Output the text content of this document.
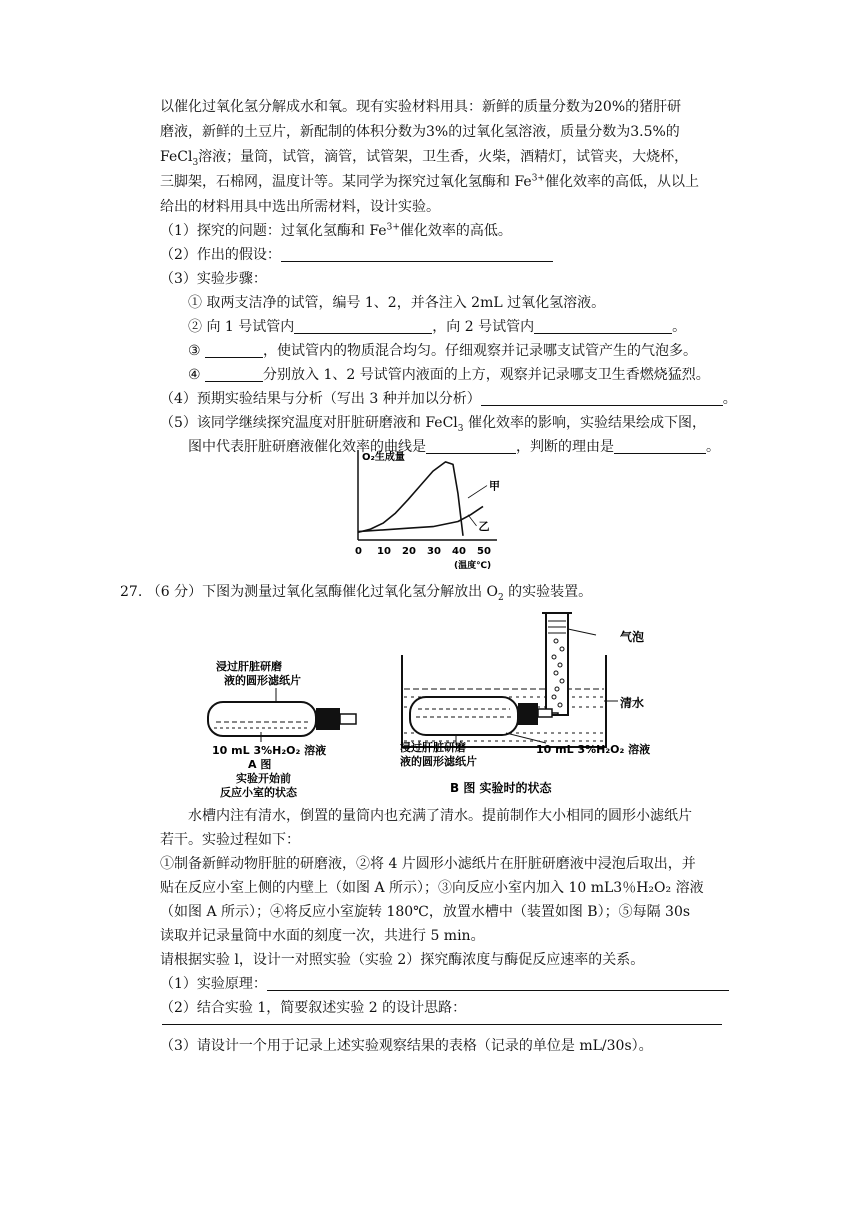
以催化过氧化氢分解成水和氧。现有实验材料用具：新鲜的质量分数为20%的猪肝研
磨液，新鲜的土豆片，新配制的体积分数为3%的过氧化氢溶液，质量分数为3.5%的
FeCl$_3$溶液；量筒，试管，滴管，试管架，卫生香，火柴，酒精灯，试管夹，大烧杯，
三脚架，石棉网，温度计等。某同学为探究过氧化氢酶和 $Fe^{3+}$催化效率的高低，从以上
给出的材料用具中选出所需材料，设计实验。
（1）探究的问题：过氧化氢酶和 $Fe^{3+}$催化效率的高低。
（2）作出的假设：
（3）实验步骤：
① 取两支洁净的试管，编号 1、2，并各注入 2mL 过氧化氢溶液。
② 向 1 号试管内	，向 2 号试管内	。
③	，使试管内的物质混合均匀。仔细观察并记录哪支试管产生的气泡多。
④	分别放入 1、2 号试管内液面的上方，观察并记录哪支卫生香燃烧猛烈。
（4）预期实验结果与分析（写出 3 种并加以分析）	。
（5）该同学继续探究温度对肝脏研磨液和 FeCl$_3$ 催化效率的影响，实验结果绘成下图，
图中代表肝脏研磨液催化效率的曲线是	，判断的理由是	。
O₂生成量
0 10 20 30 40 50
(温度℃)
甲
乙
27. （6 分）下图为测量过氧化氢酶催化过氧化氢分解放出 $O_2$ 的实验装置。
浸过肝脏研磨
液的圆形滤纸片
10 mL 3%H₂O₂ 溶液
A 图
实验开始前
反应小室的状态
气泡
清水
浸过肝脏研磨
液的圆形滤纸片
10 mL 3%H₂O₂ 溶液
B 图 实验时的状态
水槽内注有清水，倒置的量筒内也充满了清水。提前制作大小相同的圆形小滤纸片
若干。实验过程如下：
①制备新鲜动物肝脏的研磨液，②将 4 片圆形小滤纸片在肝脏研磨液中浸泡后取出，并
贴在反应小室上侧的内壁上（如图 A 所示）；③向反应小室内加入 10 mL3％H₂O₂ 溶液
（如图 A 所示）；④将反应小室旋转 180℃，放置水槽中（装置如图 B）；⑤每隔 30s
读取并记录量筒中水面的刻度一次，共进行 5 min。
请根据实验 l，设计一对照实验（实验 2）探究酶浓度与酶促反应速率的关系。
（1）实验原理：
（2）结合实验 1，简要叙述实验 2 的设计思路：
（3）请设计一个用于记录上述实验观察结果的表格（记录的单位是 mL/30s）。
